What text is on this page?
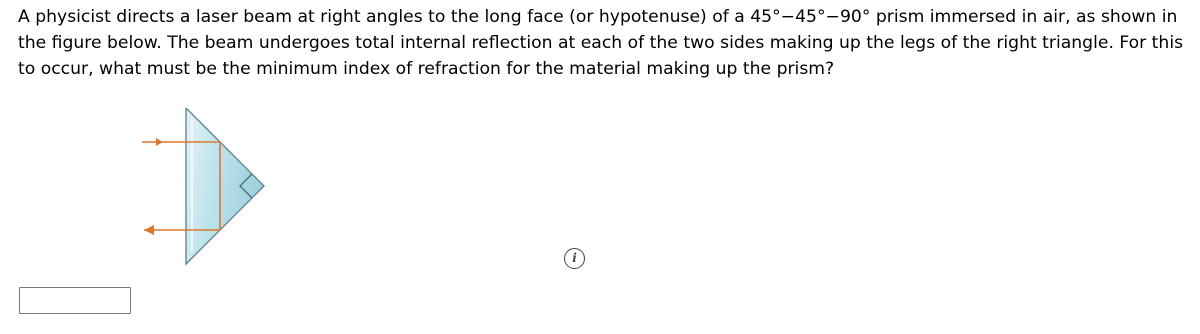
A physicist directs a laser beam at right angles to the long face (or hypotenuse) of a 45°−45°−90° prism immersed in air, as shown in the figure below. The beam undergoes total internal reflection at each of the two sides making up the legs of the right triangle. For this to occur, what must be the minimum index of refraction for the material making up the prism?

i
